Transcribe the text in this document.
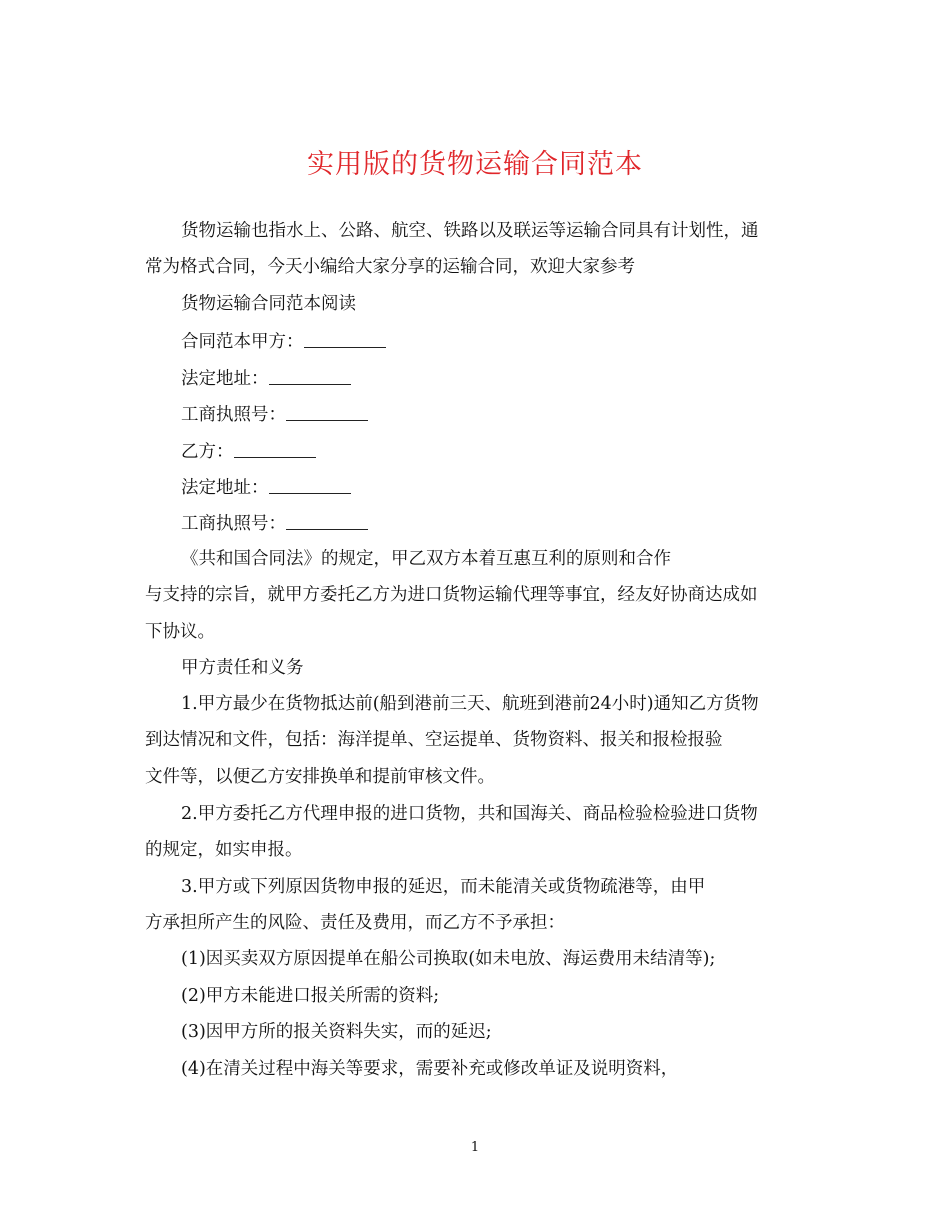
实用版的货物运输合同范本
货物运输也指水上、公路、航空、铁路以及联运等运输合同具有计划性，通
常为格式合同，今天小编给大家分享的运输合同，欢迎大家参考
货物运输合同范本阅读
合同范本甲方：
法定地址：
工商执照号：
乙方：
法定地址：
工商执照号：
《共和国合同法》的规定，甲乙双方本着互惠互利的原则和合作
与支持的宗旨，就甲方委托乙方为进口货物运输代理等事宜，经友好协商达成如
下协议。
甲方责任和义务
1.甲方最少在货物抵达前(船到港前三天、航班到港前24小时)通知乙方货物
到达情况和文件，包括：海洋提单、空运提单、货物资料、报关和报检报验
文件等，以便乙方安排换单和提前审核文件。
2.甲方委托乙方代理申报的进口货物，共和国海关、商品检验检验进口货物
的规定，如实申报。
3.甲方或下列原因货物申报的延迟，而未能清关或货物疏港等，由甲
方承担所产生的风险、责任及费用，而乙方不予承担：
(1)因买卖双方原因提单在船公司换取(如未电放、海运费用未结清等);
(2)甲方未能进口报关所需的资料;
(3)因甲方所的报关资料失实，而的延迟;
(4)在清关过程中海关等要求，需要补充或修改单证及说明资料，
1
